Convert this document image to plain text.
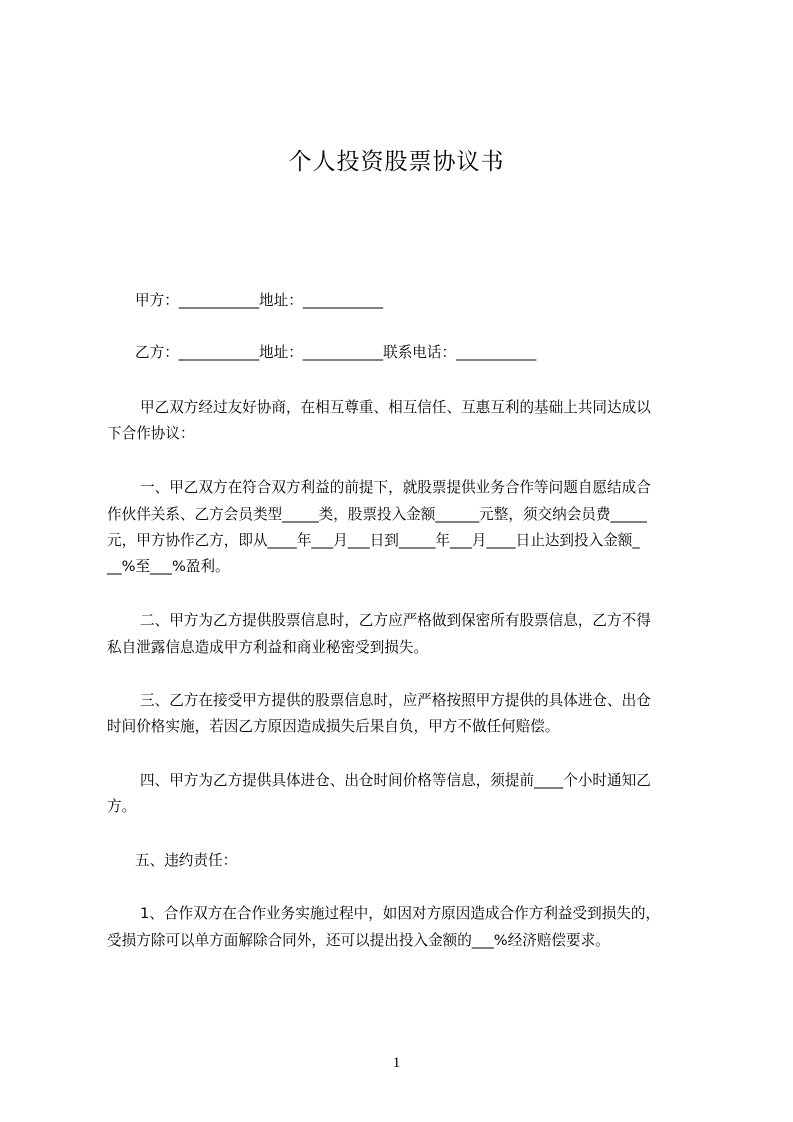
个人投资股票协议书
甲方：___________地址：___________
乙方：___________地址：___________联系电话：___________
甲乙双方经过友好协商，在相互尊重、相互信任、互惠互利的基础上共同达成以
下合作协议：
一、甲乙双方在符合双方利益的前提下，就股票提供业务合作等问题自愿结成合
作伙伴关系、乙方会员类型_____类，股票投入金额______元整，须交纳会员费_____
元，甲方协作乙方，即从____年___月___日到_____年___月____日止达到投入金额_
__%至___%盈利。
二、甲方为乙方提供股票信息时，乙方应严格做到保密所有股票信息，乙方不得
私自泄露信息造成甲方利益和商业秘密受到损失。
三、乙方在接受甲方提供的股票信息时，应严格按照甲方提供的具体进仓、出仓
时间价格实施，若因乙方原因造成损失后果自负，甲方不做任何赔偿。
四、甲方为乙方提供具体进仓、出仓时间价格等信息，须提前____个小时通知乙
方。
五、违约责任：
1、合作双方在合作业务实施过程中，如因对方原因造成合作方利益受到损失的，
受损方除可以单方面解除合同外，还可以提出投入金额的___%经济赔偿要求。
1
